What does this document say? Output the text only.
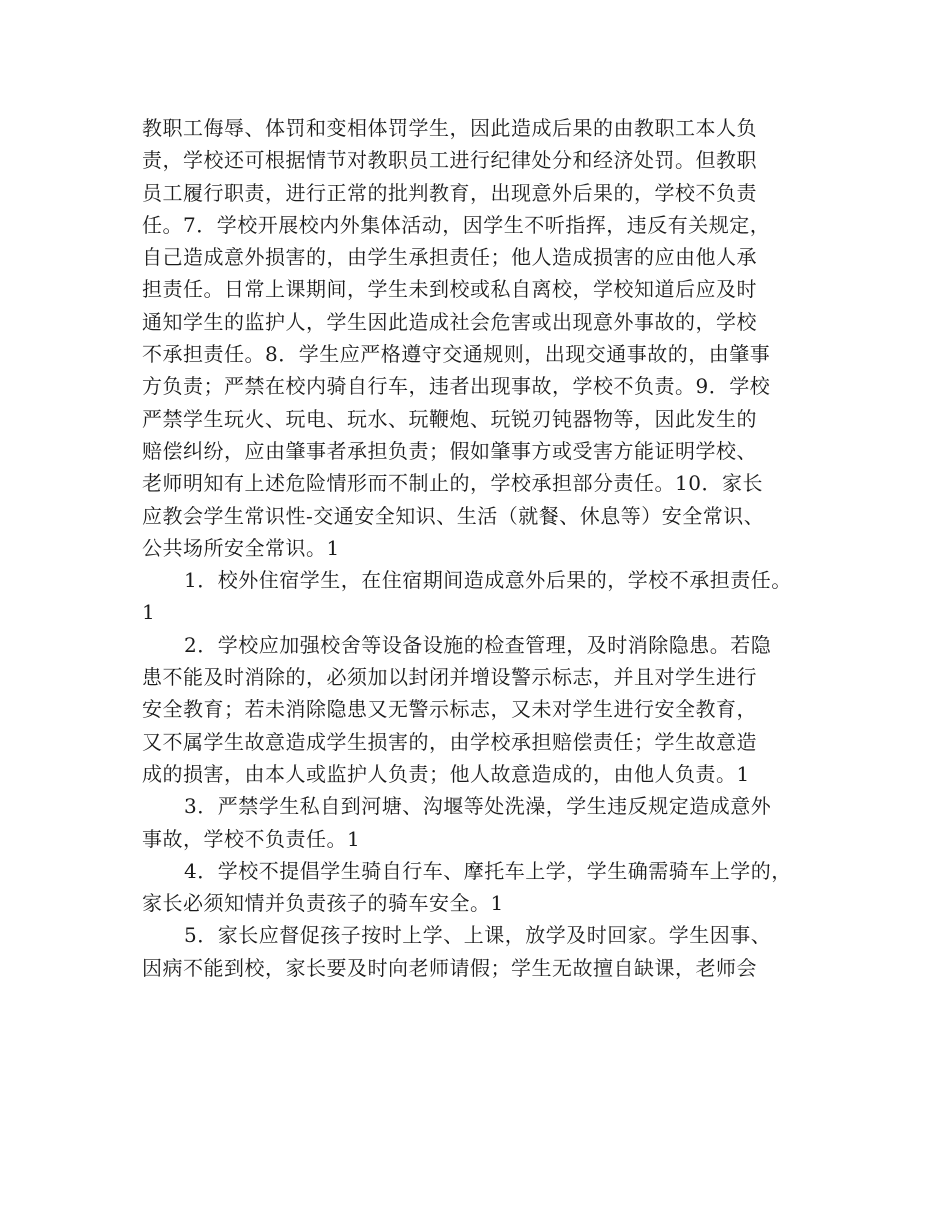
教职工侮辱、体罚和变相体罚学生，因此造成后果的由教职工本人负
责，学校还可根据情节对教职员工进行纪律处分和经济处罚。但教职
员工履行职责，进行正常的批判教育，出现意外后果的，学校不负责
任。7．学校开展校内外集体活动，因学生不听指挥，违反有关规定，
自己造成意外损害的，由学生承担责任；他人造成损害的应由他人承
担责任。日常上课期间，学生未到校或私自离校，学校知道后应及时
通知学生的监护人，学生因此造成社会危害或出现意外事故的，学校
不承担责任。8．学生应严格遵守交通规则，出现交通事故的，由肇事
方负责；严禁在校内骑自行车，违者出现事故，学校不负责。9．学校
严禁学生玩火、玩电、玩水、玩鞭炮、玩锐刃钝器物等，因此发生的
赔偿纠纷，应由肇事者承担负责；假如肇事方或受害方能证明学校、
老师明知有上述危险情形而不制止的，学校承担部分责任。10．家长
应教会学生常识性-交通安全知识、生活（就餐、休息等）安全常识、
公共场所安全常识。1
1．校外住宿学生，在住宿期间造成意外后果的，学校不承担责任。
1
2．学校应加强校舍等设备设施的检查管理，及时消除隐患。若隐
患不能及时消除的，必须加以封闭并增设警示标志，并且对学生进行
安全教育；若未消除隐患又无警示标志，又未对学生进行安全教育，
又不属学生故意造成学生损害的，由学校承担赔偿责任；学生故意造
成的损害，由本人或监护人负责；他人故意造成的，由他人负责。1
3．严禁学生私自到河塘、沟堰等处洗澡，学生违反规定造成意外
事故，学校不负责任。1
4．学校不提倡学生骑自行车、摩托车上学，学生确需骑车上学的，
家长必须知情并负责孩子的骑车安全。1
5．家长应督促孩子按时上学、上课，放学及时回家。学生因事、
因病不能到校，家长要及时向老师请假；学生无故擅自缺课，老师会
